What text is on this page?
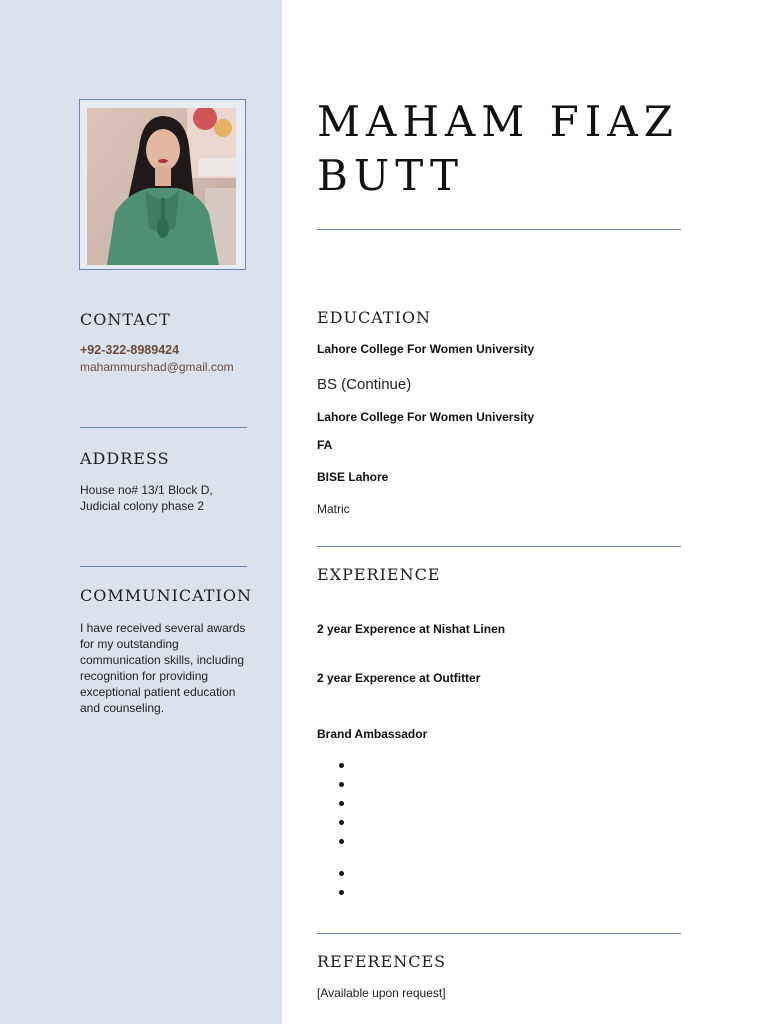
CONTACT
+92-322-8989424
mahammurshad@gmail.com
ADDRESS
House no# 13/1 Block D, Judicial colony phase 2
COMMUNICATION
I have received several awards for my outstanding communication skills, including recognition for providing exceptional patient education and counseling.
MAHAM FIAZ
BUTT
EDUCATION
Lahore College For Women University
BS (Continue)
Lahore College For Women University
FA
BISE Lahore
Matric
EXPERIENCE
2 year Experence at Nishat Linen
2 year Experence at Outfitter
Brand Ambassador
REFERENCES
[Available upon request]
